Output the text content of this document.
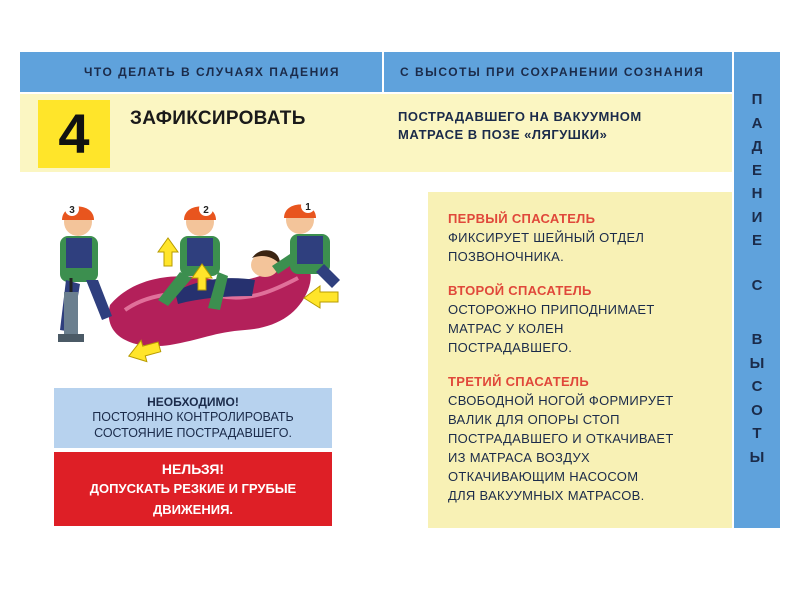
ЧТО ДЕЛАТЬ В СЛУЧАЯХ ПАДЕНИЯ	С ВЫСОТЫ ПРИ СОХРАНЕНИИ СОЗНАНИЯ
П
А
Д
Е
Н
И
Е
С
В
Ы
С
О
Т
Ы
4	ЗАФИКСИРОВАТЬ	ПОСТРАДАВШЕГО НА ВАКУУМНОМ
МАТРАСЕ В ПОЗЕ «ЛЯГУШКИ»
3	2	1
ПЕРВЫЙ СПАСАТЕЛЬ
ФИКСИРУЕТ ШЕЙНЫЙ ОТДЕЛ
ПОЗВОНОЧНИКА.
ВТОРОЙ СПАСАТЕЛЬ
ОСТОРОЖНО ПРИПОДНИМАЕТ
МАТРАС У КОЛЕН
ПОСТРАДАВШЕГО.
ТРЕТИЙ СПАСАТЕЛЬ
СВОБОДНОЙ НОГОЙ ФОРМИРУЕТ
ВАЛИК ДЛЯ ОПОРЫ СТОП
ПОСТРАДАВШЕГО И ОТКАЧИВАЕТ
ИЗ МАТРАСА ВОЗДУХ
ОТКАЧИВАЮЩИМ НАСОСОМ
ДЛЯ ВАКУУМНЫХ МАТРАСОВ.
НЕОБХОДИМО!
ПОСТОЯННО КОНТРОЛИРОВАТЬ
СОСТОЯНИЕ ПОСТРАДАВШЕГО.
НЕЛЬЗЯ!
ДОПУСКАТЬ РЕЗКИЕ И ГРУБЫЕ
ДВИЖЕНИЯ.
